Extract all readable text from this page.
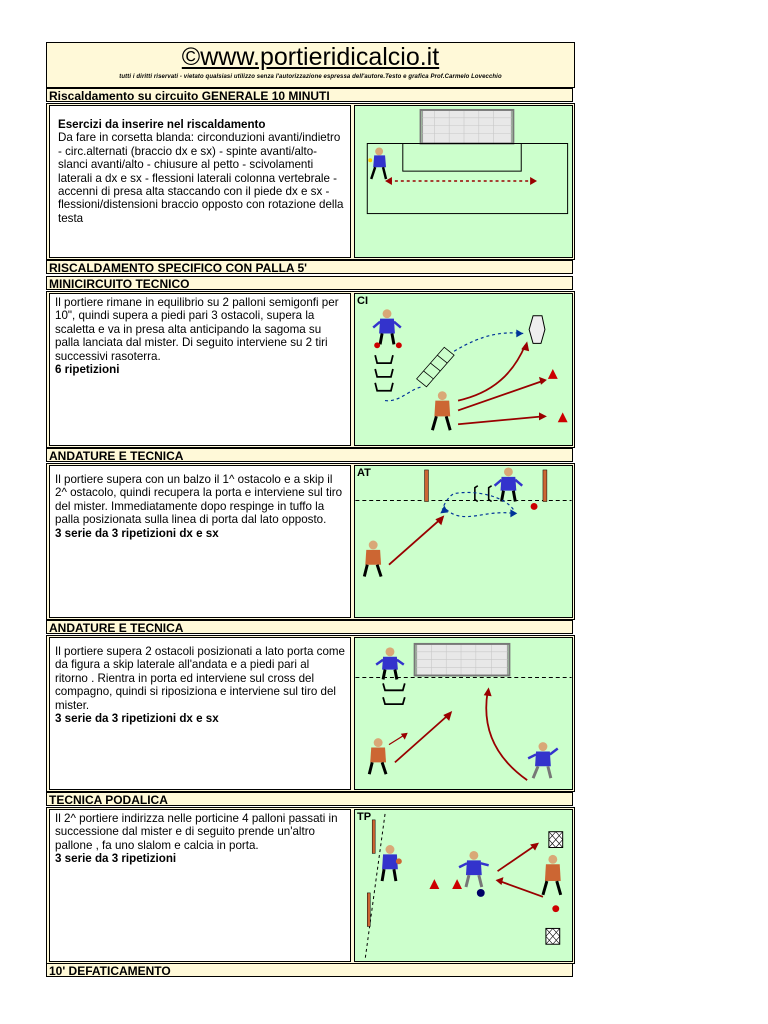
©www.portieridicalcio.it
tutti i diritti riservati - vietato qualsiasi utilizzo senza l'autorizzazione espressa dell'autore.Testo e grafica Prof.Carmelo Lovecchio
Riscaldamento su circuito GENERALE 10 MINUTI
Esercizi da inserire nel riscaldamento
Da fare in corsetta blanda: circonduzioni avanti/indietro - circ.alternati (braccio dx e sx) - spinte avanti/alto-slanci avanti/alto - chiusure al petto - scivolamenti laterali a dx e sx - flessioni laterali colonna vertebrale - accenni di presa alta staccando con il piede dx e sx - flessioni/distensioni braccio opposto con rotazione della testa
RISCALDAMENTO SPECIFICO CON PALLA 5'
MINICIRCUITO TECNICO
Il portiere rimane in equilibrio su 2 palloni semigonfi per 10", quindi supera a piedi pari 3 ostacoli, supera la scaletta e va in presa alta anticipando la sagoma su palla lanciata dal mister. Di seguito interviene su 2 tiri successivi rasoterra.
6 ripetizioni
CI
ANDATURE E TECNICA
Il portiere supera con un balzo il 1^ ostacolo e a skip il 2^ ostacolo, quindi recupera la porta e interviene sul tiro del mister. Immediatamente dopo respinge in tuffo la palla posizionata sulla linea di porta dal lato opposto.
3 serie da 3 ripetizioni dx e sx
AT
ANDATURE E TECNICA
Il portiere supera 2 ostacoli posizionati a lato porta come da figura a skip laterale all'andata e a piedi pari al ritorno . Rientra in porta ed interviene sul cross del compagno, quindi si riposiziona e interviene sul tiro del mister.
3 serie da 3 ripetizioni dx e sx
TECNICA PODALICA
Il 2^ portiere indirizza nelle porticine 4 palloni passati in successione dal mister e di seguito prende un'altro pallone , fa uno slalom e calcia in porta.
3 serie da 3 ripetizioni
TP
10' DEFATICAMENTO
